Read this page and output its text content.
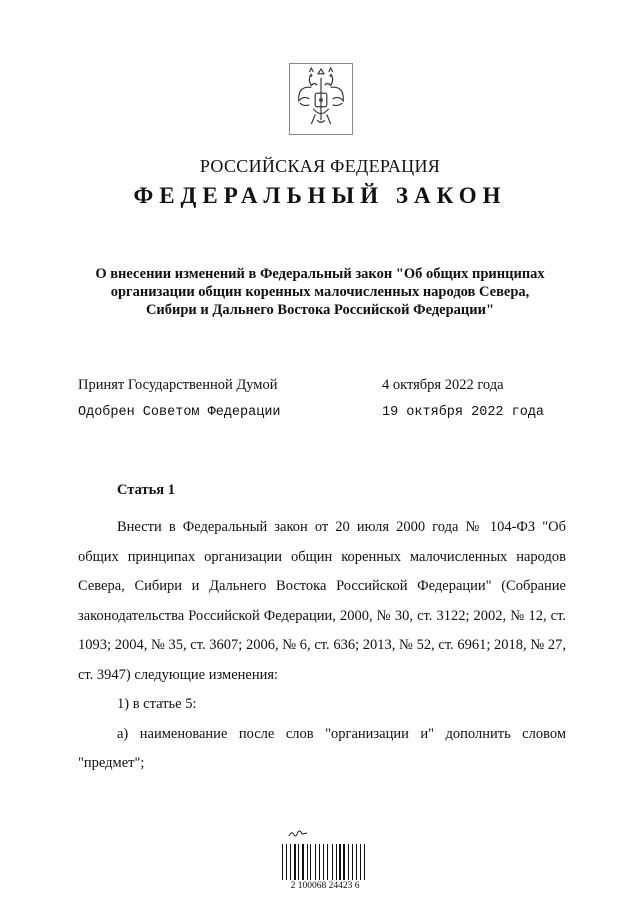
РОССИЙСКАЯ ФЕДЕРАЦИЯ
ФЕДЕРАЛЬНЫЙ ЗАКОН
О внесении изменений в Федеральный закон "Об общих принципах
организации общин коренных малочисленных народов Севера,
Сибири и Дальнего Востока Российской Федерации"
Принят Государственной Думой	4 октября 2022 года
Одобрен Советом Федерации	19 октября 2022 года
Статья 1

Внести в Федеральный закон от 20 июля 2000 года № 104-ФЗ "Об общих принципах организации общин коренных малочисленных народов Севера, Сибири и Дальнего Востока Российской Федерации" (Собрание законодательства Российской Федерации, 2000, № 30, ст. 3122; 2002, № 12, ст. 1093; 2004, № 35, ст. 3607; 2006, № 6, ст. 636; 2013, № 52, ст. 6961; 2018, № 27, ст. 3947) следующие изменения:

1) в статье 5:

а) наименование после слов "организации и" дополнить словом "предмет";

2 100068 24423 6
